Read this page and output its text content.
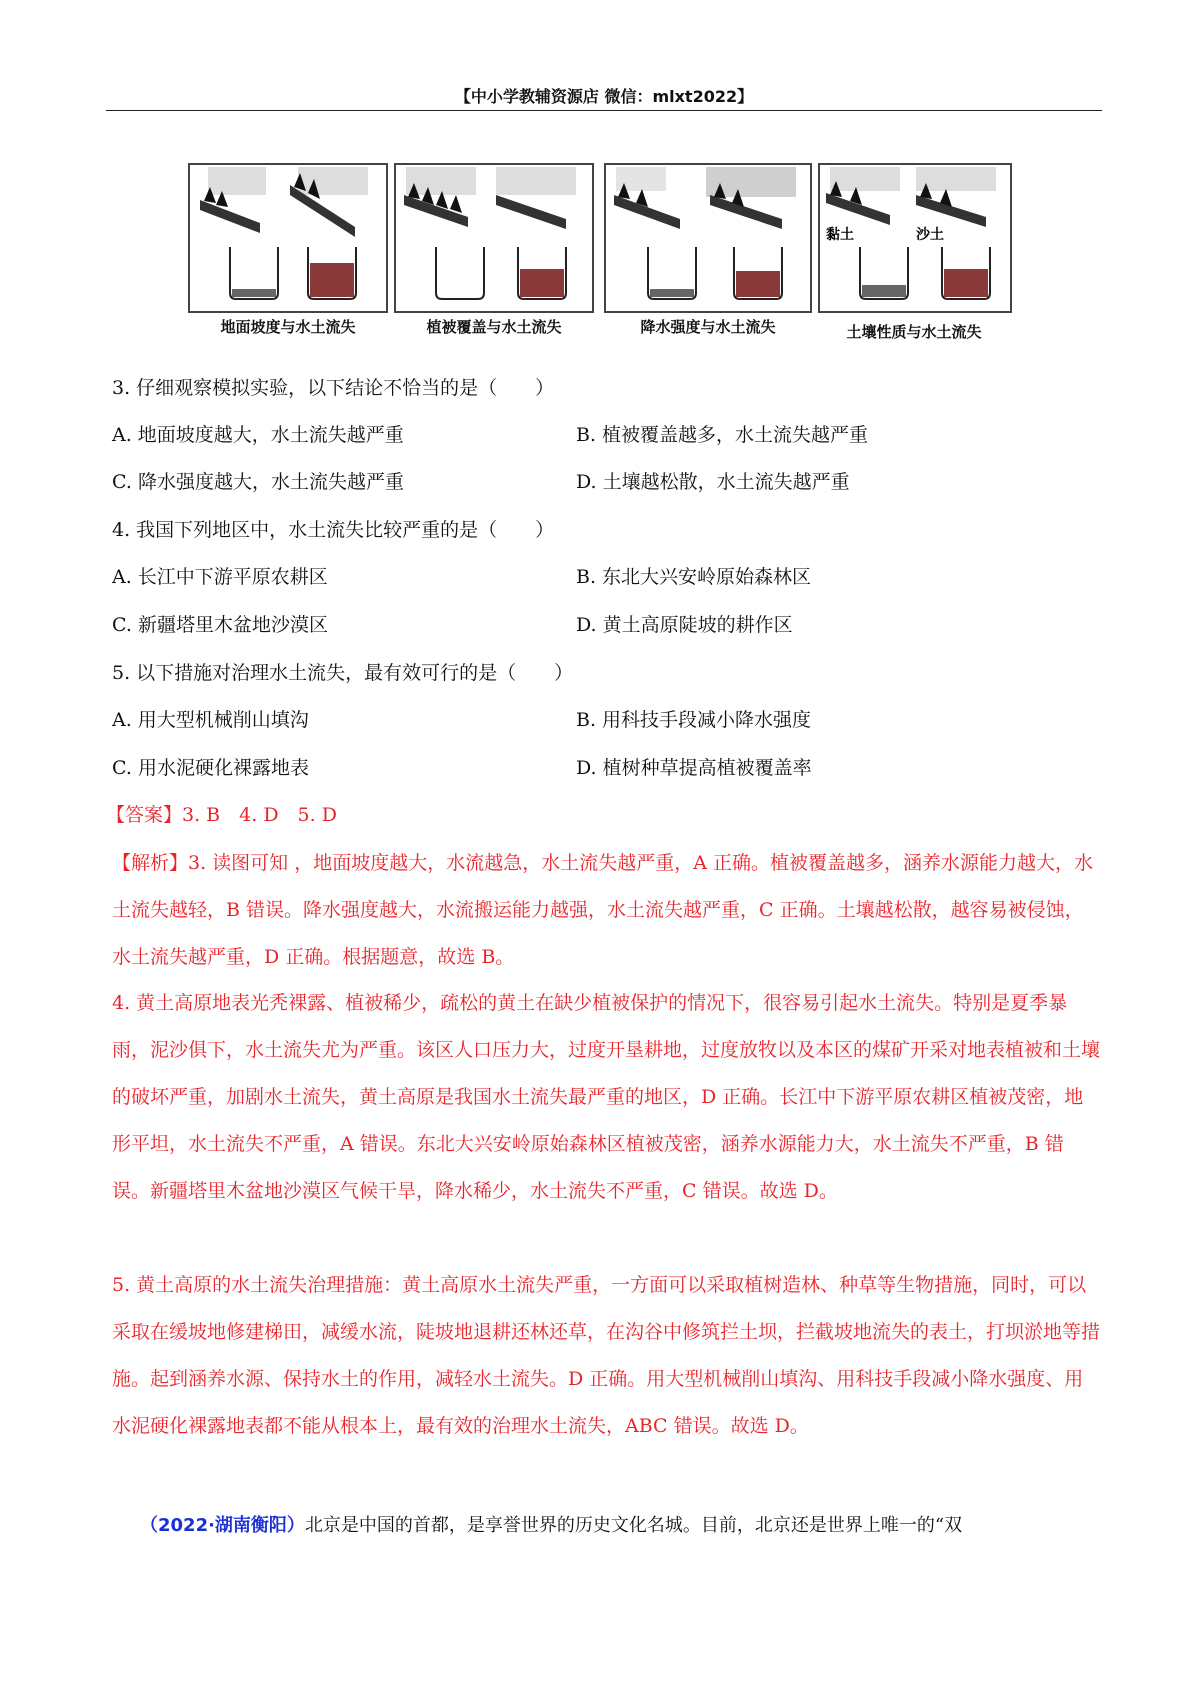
【中小学教辅资源店 微信：mlxt2022】
黏土	沙土
地面坡度与水土流失	植被覆盖与水土流失	降水强度与水土流失	土壤性质与水土流失
3. 仔细观察模拟实验，以下结论不恰当的是（　　）
A. 地面坡度越大，水土流失越严重	B. 植被覆盖越多，水土流失越严重
C. 降水强度越大，水土流失越严重	D. 土壤越松散，水土流失越严重
4. 我国下列地区中，水土流失比较严重的是（　　）
A. 长江中下游平原农耕区	B. 东北大兴安岭原始森林区
C. 新疆塔里木盆地沙漠区	D. 黄土高原陡坡的耕作区
5. 以下措施对治理水土流失，最有效可行的是（　　）
A. 用大型机械削山填沟	B. 用科技手段减小降水强度
C. 用水泥硬化裸露地表	D. 植树种草提高植被覆盖率
【答案】3. B　4. D　5. D
【解析】3. 读图可知 ，地面坡度越大，水流越急，水土流失越严重，A 正确。植被覆盖越多，涵养水源能力越大，水土流失越轻，B 错误。降水强度越大，水流搬运能力越强，水土流失越严重，C 正确。土壤越松散，越容易被侵蚀，水土流失越严重，D 正确。根据题意，故选 B。
4. 黄土高原地表光秃裸露、植被稀少，疏松的黄土在缺少植被保护的情况下，很容易引起水土流失。特别是夏季暴雨，泥沙俱下，水土流失尤为严重。该区人口压力大，过度开垦耕地，过度放牧以及本区的煤矿开采对地表植被和土壤的破坏严重，加剧水土流失，黄土高原是我国水土流失最严重的地区，D 正确。长江中下游平原农耕区植被茂密，地形平坦，水土流失不严重，A 错误。东北大兴安岭原始森林区植被茂密，涵养水源能力大，水土流失不严重，B 错误。新疆塔里木盆地沙漠区气候干旱，降水稀少，水土流失不严重，C 错误。故选 D。
5. 黄土高原的水土流失治理措施：黄土高原水土流失严重，一方面可以采取植树造林、种草等生物措施，同时，可以采取在缓坡地修建梯田，减缓水流，陡坡地退耕还林还草，在沟谷中修筑拦土坝，拦截坡地流失的表土，打坝淤地等措施。起到涵养水源、保持水土的作用，减轻水土流失。D 正确。用大型机械削山填沟、用科技手段减小降水强度、用水泥硬化裸露地表都不能从根本上，最有效的治理水土流失，ABC 错误。故选 D。
（2022·湖南衡阳）北京是中国的首都，是享誉世界的历史文化名城。目前，北京还是世界上唯一的“双
